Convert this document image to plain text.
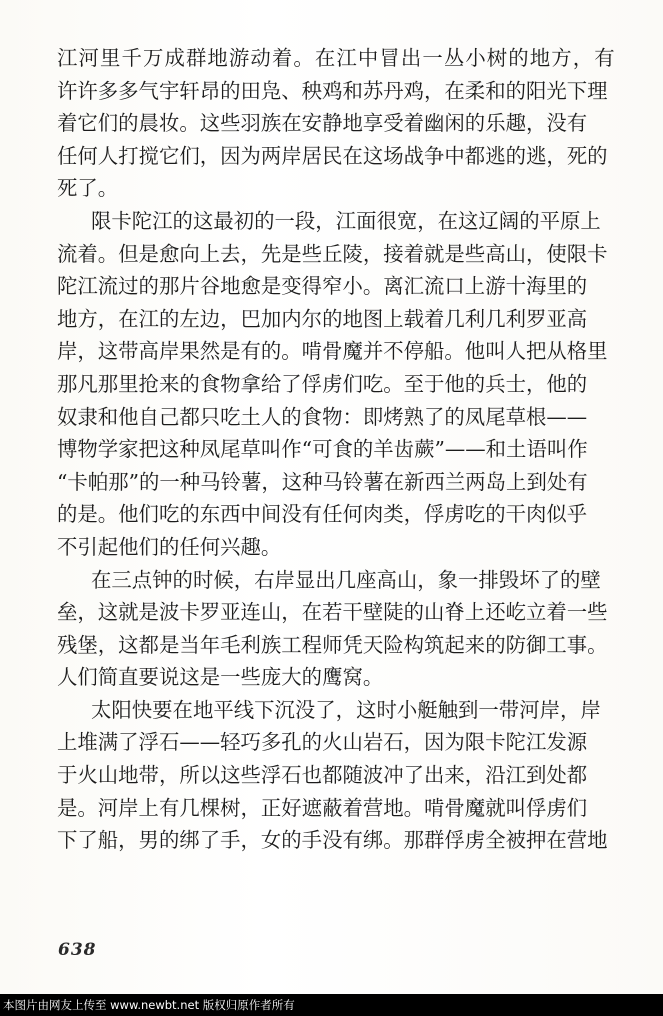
江河里千万成群地游动着。在江中冒出一丛小树的地方，有
许许多多气宇轩昂的田凫、秧鸡和苏丹鸡，在柔和的阳光下理
着它们的晨妆。这些羽族在安静地享受着幽闲的乐趣，没有
任何人打搅它们，因为两岸居民在这场战争中都逃的逃，死的
死了。
限卡陀江的这最初的一段，江面很宽，在这辽阔的平原上
流着。但是愈向上去，先是些丘陵，接着就是些高山，使限卡
陀江流过的那片谷地愈是变得窄小。离汇流口上游十海里的
地方，在江的左边，巴加内尔的地图上载着几利几利罗亚高
岸，这带高岸果然是有的。啃骨魔并不停船。他叫人把从格里
那凡那里抢来的食物拿给了俘虏们吃。至于他的兵士，他的
奴隶和他自己都只吃土人的食物：即烤熟了的凤尾草根——
博物学家把这种凤尾草叫作“可食的羊齿蕨”——和土语叫作
“卡帕那”的一种马铃薯，这种马铃薯在新西兰两岛上到处有
的是。他们吃的东西中间没有任何肉类，俘虏吃的干肉似乎
不引起他们的任何兴趣。
在三点钟的时候，右岸显出几座高山，象一排毁坏了的壁
垒，这就是波卡罗亚连山，在若干壁陡的山脊上还屹立着一些
残堡，这都是当年毛利族工程师凭天险构筑起来的防御工事。
人们简直要说这是一些庞大的鹰窝。
太阳快要在地平线下沉没了，这时小艇触到一带河岸，岸
上堆满了浮石——轻巧多孔的火山岩石，因为限卡陀江发源
于火山地带，所以这些浮石也都随波冲了出来，沿江到处都
是。河岸上有几棵树，正好遮蔽着营地。啃骨魔就叫俘虏们
下了船，男的绑了手，女的手没有绑。那群俘虏全被押在营地
638
本图片由网友上传至 www.newbt.net 版权归原作者所有
